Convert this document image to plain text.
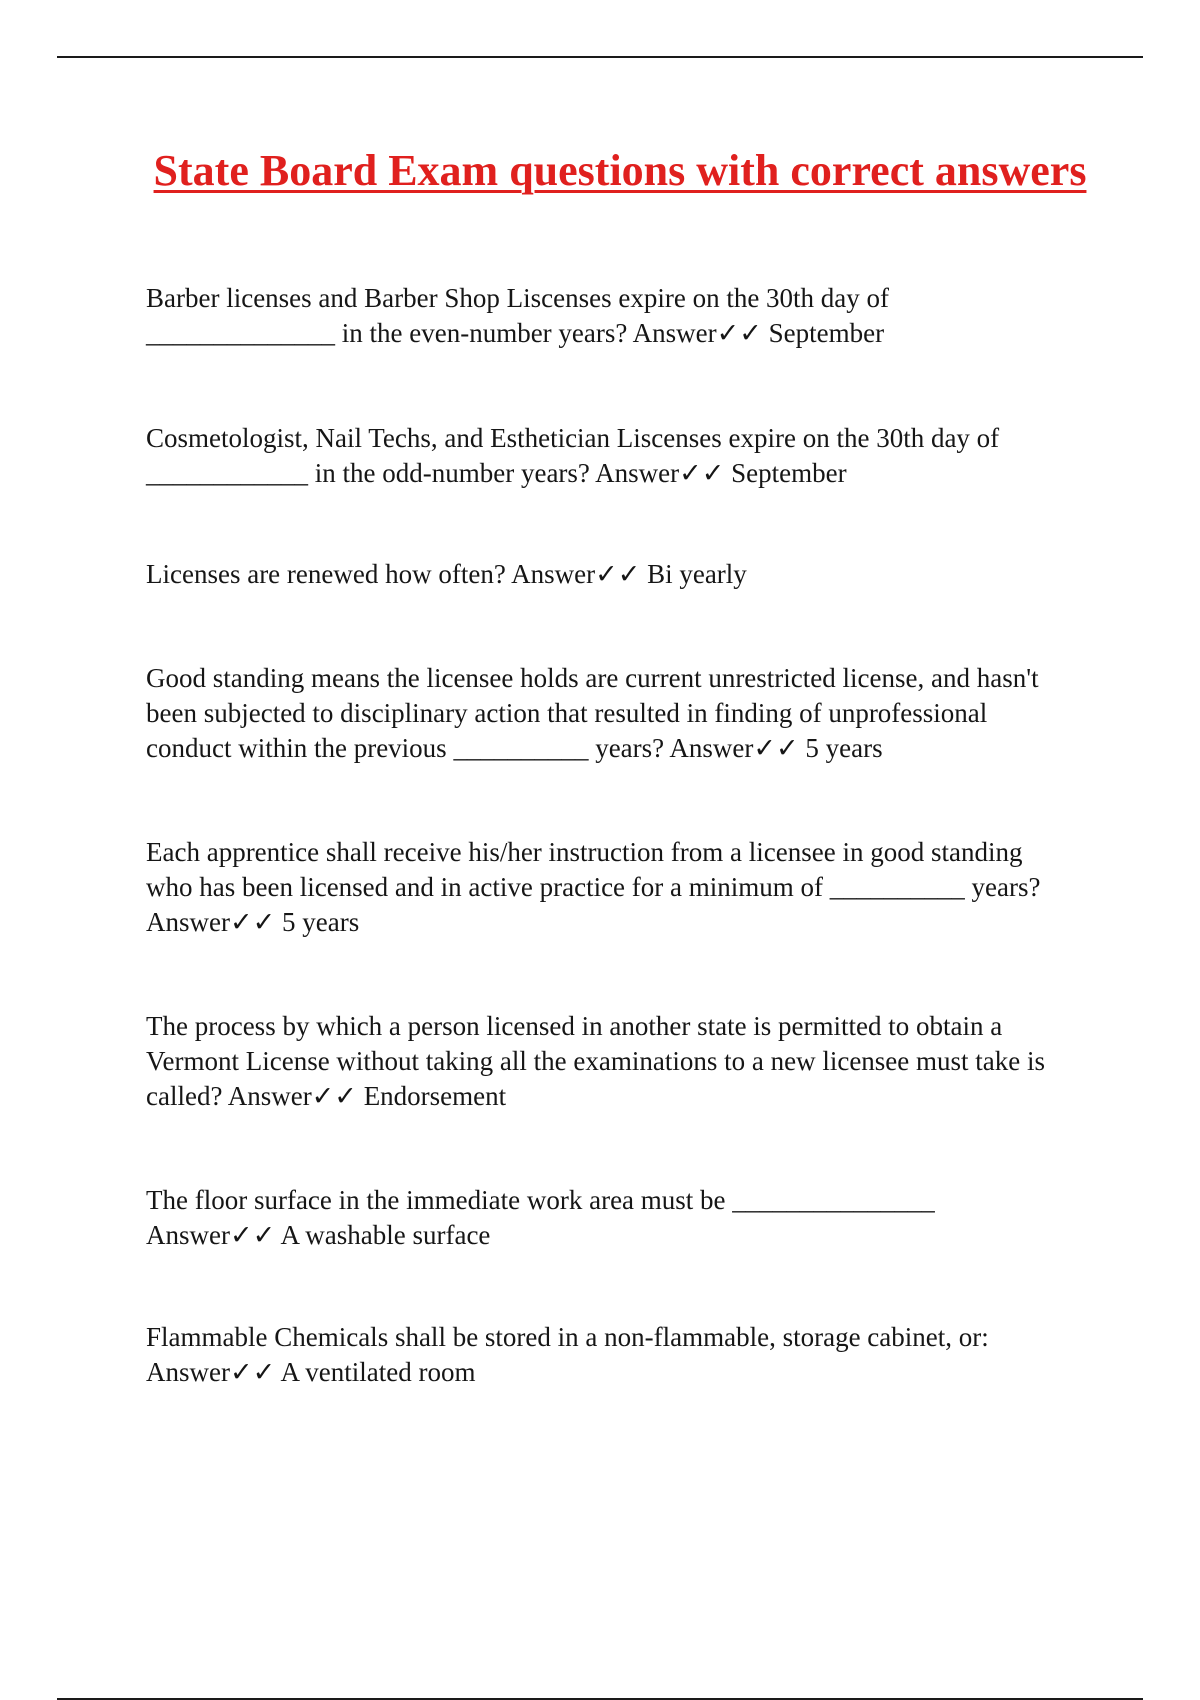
State Board Exam questions with correct answers

Barber licenses and Barber Shop Liscenses expire on the 30th day of
______________ in the even-number years? Answer✓✓ September

Cosmetologist, Nail Techs, and Esthetician Liscenses expire on the 30th day of
____________ in the odd-number years? Answer✓✓ September

Licenses are renewed how often? Answer✓✓ Bi yearly

Good standing means the licensee holds are current unrestricted license, and hasn't
been subjected to disciplinary action that resulted in finding of unprofessional
conduct within the previous __________ years? Answer✓✓ 5 years

Each apprentice shall receive his/her instruction from a licensee in good standing
who has been licensed and in active practice for a minimum of __________ years?
Answer✓✓ 5 years

The process by which a person licensed in another state is permitted to obtain a
Vermont License without taking all the examinations to a new licensee must take is
called? Answer✓✓ Endorsement

The floor surface in the immediate work area must be _______________
Answer✓✓ A washable surface

Flammable Chemicals shall be stored in a non-flammable, storage cabinet, or:
Answer✓✓ A ventilated room
